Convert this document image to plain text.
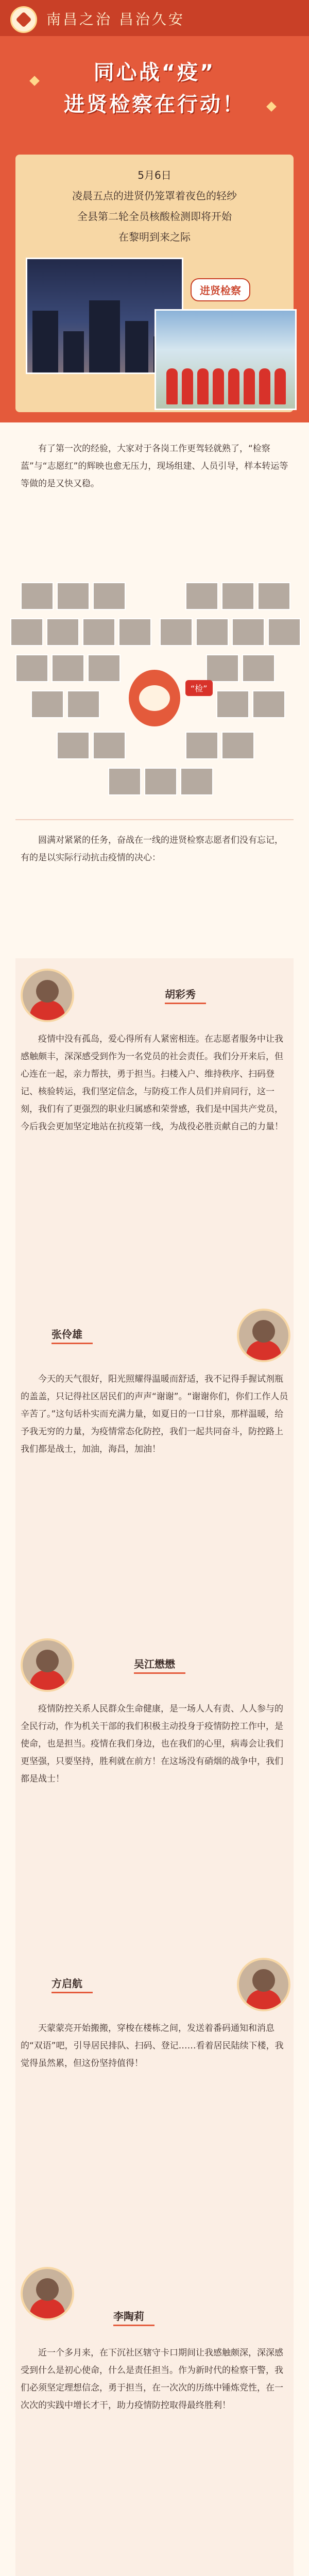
南昌之治 昌治久安
同心战“疫”
进贤检察在行动！
5月6日
凌晨五点的进贤仍笼罩着夜色的轻纱
全县第二轮全员核酸检测即将开始
在黎明到来之际
进贤检察

有了第一次的经验，大家对于各岗工作更驾轻就熟了，“检察蓝”与“志愿红”的辉映也愈无压力，现场组建、人员引导，样本转运等等做的是又快又稳。

“检”

圆满对紧紧的任务，奋战在一线的进贤检察志愿者们没有忘记，有的是以实际行动抗击疫情的决心：

胡彩秀

疫情中没有孤岛，爱心得所有人紧密相连。在志愿者服务中让我感触颇丰，深深感受到作为一名党员的社会责任。我们分开来后，但心连在一起，亲力帮扶，勇于担当。扫楼入户、维持秩序、扫码登记、核验转运，我们坚定信念，与防疫工作人员们并肩同行，这一刻，我们有了更强烈的职业归属感和荣誉感，我们是中国共产党员，今后我会更加坚定地站在抗疫第一线，为战役必胜贡献自己的力量！

张伶雄

今天的天气很好，阳光照耀得温暖而舒适，我不记得手握试剂瓶的盖盖，只记得社区居民们的声声“谢谢”。“谢谢你们，你们工作人员辛苦了。”这句话朴实而充满力量，如夏日的一口甘泉，那样温暖，给予我无穷的力量，为疫情常态化防控，我们一起共同奋斗，防控路上我们都是战士，加油，海昌，加油！

吴江懋懋

疫情防控关系人民群众生命健康，是一场人人有责、人人参与的全民行动，作为机关干部的我们积极主动投身于疫情防控工作中，是使命，也是担当。疫情在我们身边，也在我们的心里，病毒会让我们更坚强，只要坚持，胜利就在前方！在这场没有硝烟的战争中，我们都是战士！

方启航

天蒙蒙亮开始搬搬，穿梭在楼栋之间，发送着番码通知和消息的“双语”吧，引导居民排队、扫码、登记……看着居民陆续下楼，我觉得虽然累，但这份坚持值得！

李陶莉

近一个多月来，在下沉社区辖守卡口期间让我感触颇深，深深感受到什么是初心使命，什么是责任担当。作为新时代的检察干警，我们必须坚定理想信念，勇于担当，在一次次的历练中锤炼党性，在一次次的实践中增长才干，助力疫情防控取得最终胜利！
